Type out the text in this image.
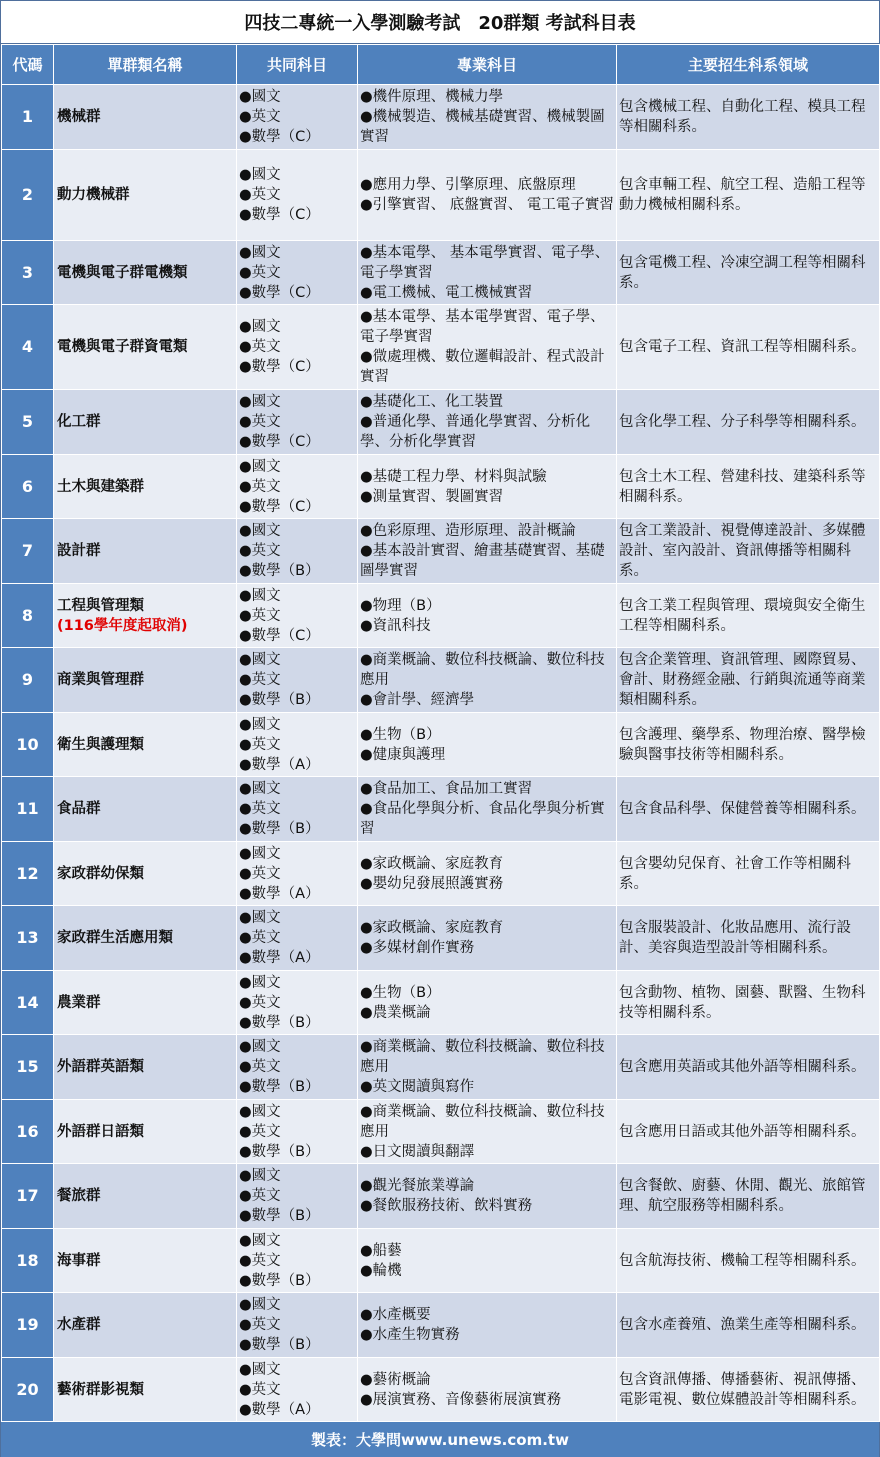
四技二專統一入學測驗考試　20群類 考試科目表
代碼	單群類名稱	共同科目	專業科目	主要招生科系領域
1	機械群	●國文
●英文
●數學（C）	●機件原理、機械力學
●機械製造、機械基礎實習、機械製圖實習	包含機械工程、自動化工程、模具工程等相關科系。
2	動力機械群	●國文
●英文
●數學（C）	●應用力學、引擎原理、底盤原理
●引擎實習、 底盤實習、 電工電子實習	包含車輛工程、航空工程、造船工程等動力機械相關科系。
3	電機與電子群電機類	●國文
●英文
●數學（C）	●基本電學、 基本電學實習、電子學、 電子學實習
●電工機械、電工機械實習	包含電機工程、冷凍空調工程等相關科系。
4	電機與電子群資電類	●國文
●英文
●數學（C）	●基本電學、基本電學實習、電子學、電子學實習
●微處理機、數位邏輯設計、程式設計實習	包含電子工程、資訊工程等相關科系。
5	化工群	●國文
●英文
●數學（C）	●基礎化工、化工裝置
●普通化學、普通化學實習、分析化學、分析化學實習	包含化學工程、分子科學等相關科系。
6	土木與建築群	●國文
●英文
●數學（C）	●基礎工程力學、材料與試驗
●測量實習、製圖實習	包含土木工程、營建科技、建築科系等相關科系。
7	設計群	●國文
●英文
●數學（B）	●色彩原理、造形原理、設計概論
●基本設計實習、繪畫基礎實習、基礎圖學實習	包含工業設計、視覺傳達設計、多媒體設計、室內設計、資訊傳播等相關科系。
8	工程與管理類
(116學年度起取消)	●國文
●英文
●數學（C）	●物理（B）
●資訊科技	包含工業工程與管理、環境與安全衛生工程等相關科系。
9	商業與管理群	●國文
●英文
●數學（B）	●商業概論、數位科技概論、數位科技應用
●會計學、經濟學	包含企業管理、資訊管理、國際貿易、會計、財務經金融、行銷與流通等商業類相關科系。
10	衛生與護理類	●國文
●英文
●數學（A）	●生物（B）
●健康與護理	包含護理、藥學系、物理治療、醫學檢驗與醫事技術等相關科系。
11	食品群	●國文
●英文
●數學（B）	●食品加工、食品加工實習
●食品化學與分析、食品化學與分析實習	包含食品科學、保健營養等相關科系。
12	家政群幼保類	●國文
●英文
●數學（A）	●家政概論、家庭教育
●嬰幼兒發展照護實務	包含嬰幼兒保育、社會工作等相關科系。
13	家政群生活應用類	●國文
●英文
●數學（A）	●家政概論、家庭教育
●多媒材創作實務	包含服裝設計、化妝品應用、流行設計、美容與造型設計等相關科系。
14	農業群	●國文
●英文
●數學（B）	●生物（B）
●農業概論	包含動物、植物、園藝、獸醫、生物科技等相關科系。
15	外語群英語類	●國文
●英文
●數學（B）	●商業概論、數位科技概論、數位科技應用
●英文閱讀與寫作	包含應用英語或其他外語等相關科系。
16	外語群日語類	●國文
●英文
●數學（B）	●商業概論、數位科技概論、數位科技應用
●日文閱讀與翻譯	包含應用日語或其他外語等相關科系。
17	餐旅群	●國文
●英文
●數學（B）	●觀光餐旅業導論
●餐飲服務技術、飲料實務	包含餐飲、廚藝、休閒、觀光、旅館管理、航空服務等相關科系。
18	海事群	●國文
●英文
●數學（B）	●船藝
●輪機	包含航海技術、機輪工程等相關科系。
19	水產群	●國文
●英文
●數學（B）	●水產概要
●水產生物實務	包含水產養殖、漁業生產等相關科系。
20	藝術群影視類	●國文
●英文
●數學（A）	●藝術概論
●展演實務、音像藝術展演實務	包含資訊傳播、傳播藝術、視訊傳播、電影電視、數位媒體設計等相關科系。
製表：大學問www.unews.com.tw
